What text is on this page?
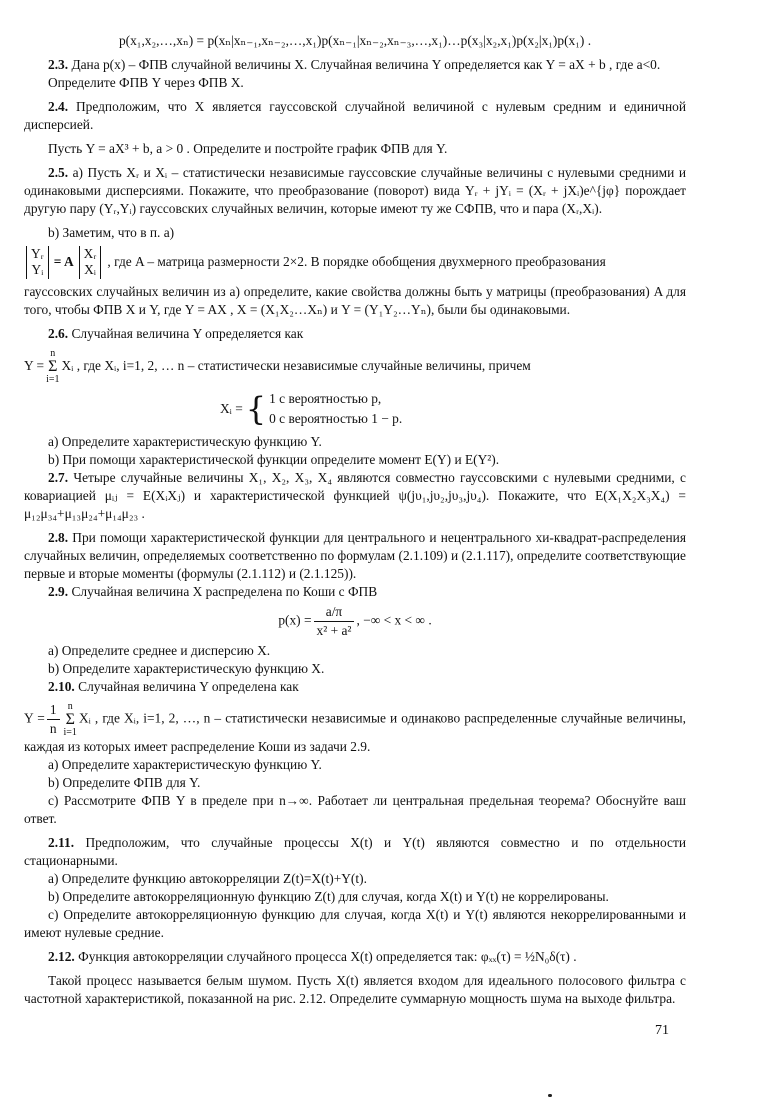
p(x₁,x₂,…,xₙ) = p(xₙ|xₙ₋₁,xₙ₋₂,…,x₁)p(xₙ₋₁|xₙ₋₂,xₙ₋₃,…,x₁)…p(x₃|x₂,x₁)p(x₂|x₁)p(x₁) .

2.3. Дана p(x) – ФПВ случайной величины X. Случайная величина Y определяется как Y = aX + b , где a<0.

Определите ФПВ Y через ФПВ X.

2.4. Предположим, что X является гауссовской случайной величиной с нулевым средним и единичной дисперсией.

Пусть Y = aX³ + b, a > 0 . Определите и постройте график ФПВ для Y.

2.5. а) Пусть Xᵣ и Xᵢ – статистически независимые гауссовские случайные величины с нулевыми средними и одинаковыми дисперсиями. Покажите, что преобразование (поворот) вида Yᵣ + jYᵢ = (Xᵣ + jXᵢ)e^{jφ} порождает другую пару (Yᵣ,Yᵢ) гауссовских случайных величин, которые имеют ту же СФПВ, что и пара (Xᵣ,Xᵢ).

b) Заметим, что в п. а)

Yᵣ
Yᵢ
= A
Xᵣ
Xᵢ
, где A – матрица размерности 2×2. В порядке обобщения двухмерного преобразования

гауссовских случайных величин из а) определите, какие свойства должны быть у матрицы (преобразования) A для того, чтобы ФПВ X и Y, где Y = AX , X = (X₁X₂…Xₙ) и Y = (Y₁Y₂…Yₙ), были бы одинаковыми.

2.6. Случайная величина Y определяется как

Y =n
Σ
i=1Xᵢ , где Xᵢ, i=1, 2, … n – статистически независимые случайные величины, причем

Xᵢ = { 1 с вероятностью p,
0 с вероятностью 1 − p.

а) Определите характеристическую функцию Y.

b) При помощи характеристической функции определите момент E(Y) и E(Y²).

2.7. Четыре случайные величины X₁, X₂, X₃, X₄ являются совместно гауссовскими с нулевыми средними, с ковариацией μᵢⱼ = E(XᵢXⱼ) и характеристической функцией ψ(jυ₁,jυ₂,jυ₃,jυ₄). Покажите, что E(X₁X₂X₃X₄) = μ₁₂μ₃₄+μ₁₃μ₂₄+μ₁₄μ₂₃ .

2.8. При помощи характеристической функции для центрального и нецентрального хи-квадрат-распределения случайных величин, определяемых соответственно по формулам (2.1.109) и (2.1.117), определите соответствующие первые и вторые моменты (формулы (2.1.112) и (2.1.125)).

2.9. Случайная величина X распределена по Коши с ФПВ

$p(x) = \frac{a/\pi}{\text{x² + a²}}$ , −∞ < x < ∞ .

а) Определите среднее и дисперсию X.

b) Определите характеристическую функцию X.

2.10. Случайная величина Y определена как

$Y = \frac{1}{n}$ n
Σ
i=1Xᵢ , где Xᵢ, i=1, 2, …, n – статистически независимые и одинаково распределенные случайные величины, каждая из которых имеет распределение Коши из задачи 2.9.

а) Определите характеристическую функцию Y.

b) Определите ФПВ для Y.

c) Рассмотрите ФПВ Y в пределе при n→∞. Работает ли центральная предельная теорема? Обоснуйте ваш ответ.

2.11. Предположим, что случайные процессы X(t) и Y(t) являются совместно и по отдельности стационарными.

а) Определите функцию автокорреляции Z(t)=X(t)+Y(t).

b) Определите автокорреляционную функцию Z(t) для случая, когда X(t) и Y(t) не коррелированы.

c) Определите автокорреляционную функцию для случая, когда X(t) и Y(t) являются некоррелированными и имеют нулевые средние.

2.12. Функция автокорреляции случайного процесса X(t) определяется так: φₓₓ(τ) = ½N₀δ(τ) .

Такой процесс называется белым шумом. Пусть X(t) является входом для идеального полосового фильтра с частотной характеристикой, показанной на рис. 2.12. Определите суммарную мощность шума на выходе фильтра.

71
